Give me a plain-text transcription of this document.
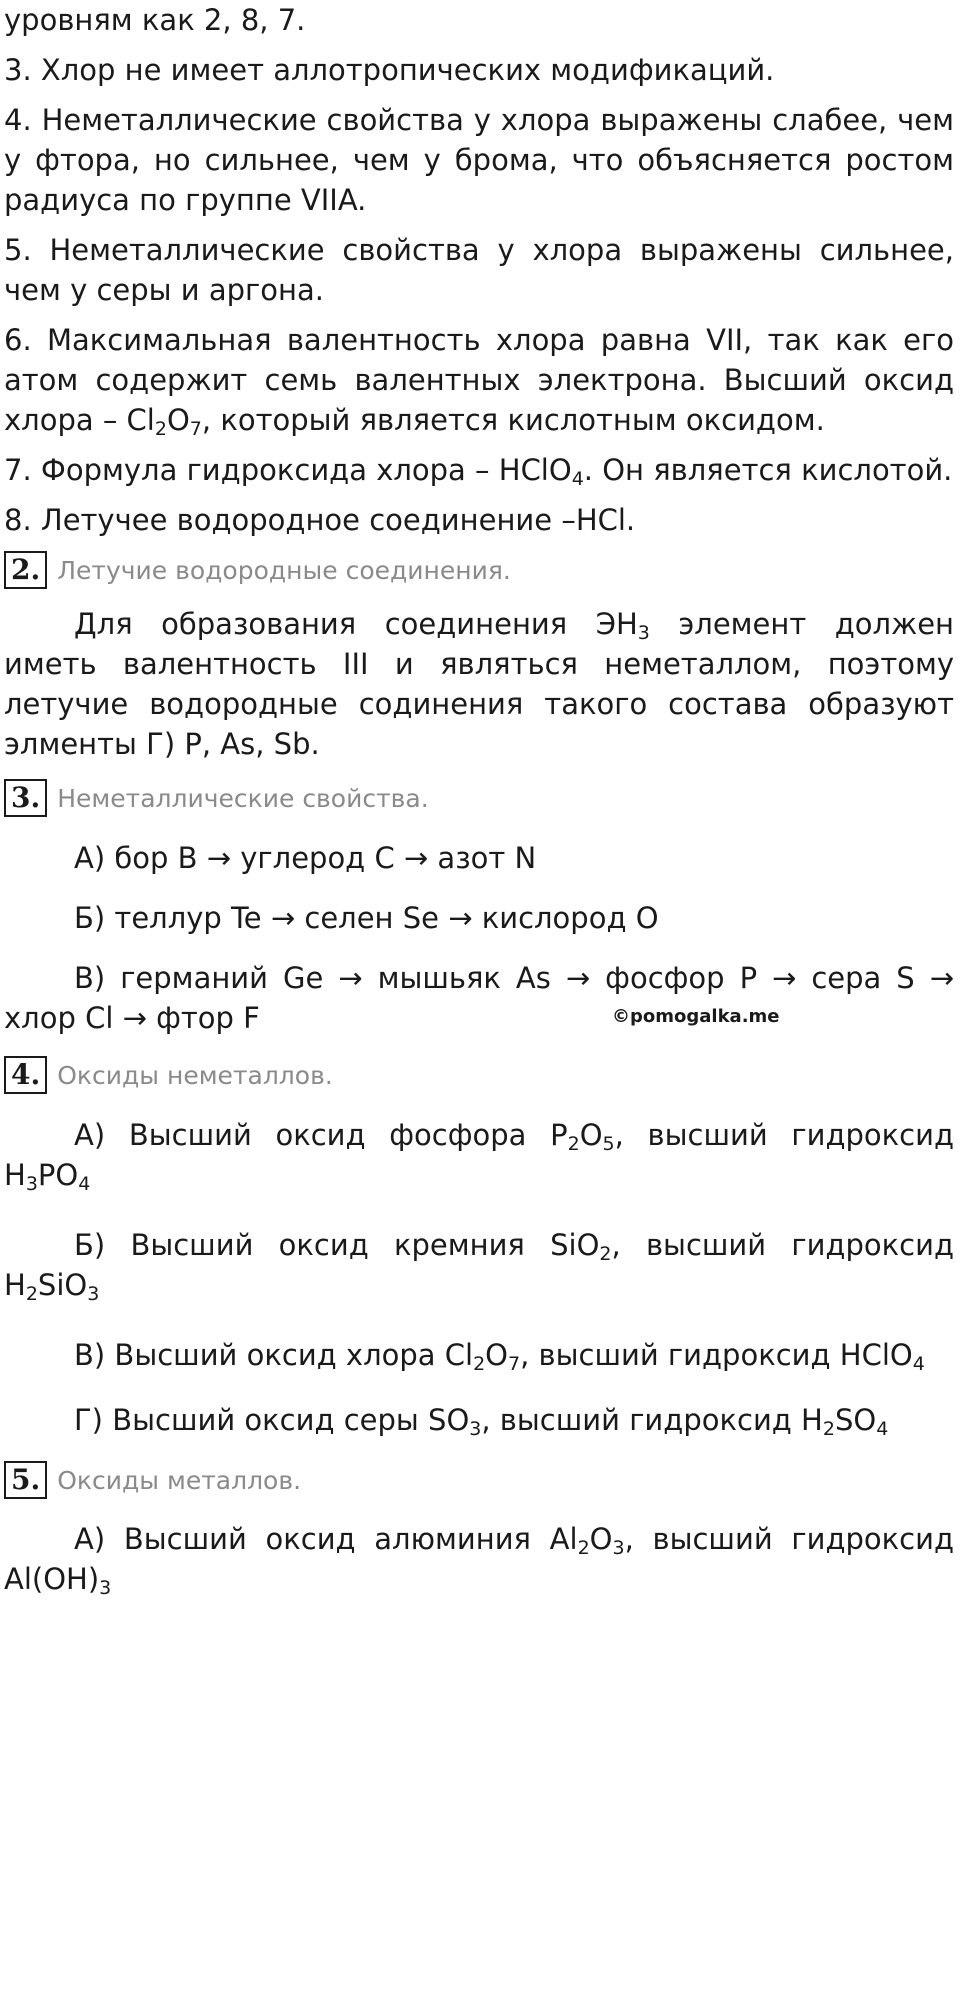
уровням как 2, 8, 7.
3. Хлор не имеет аллотропических модификаций.
4. Неметаллические свойства у хлора выражены слабее, чем
у фтора, но сильнее, чем у брома, что объясняется ростом
радиуса по группе VIIA.
5. Неметаллические свойства у хлора выражены сильнее,
чем у серы и аргона.
6. Максимальная валентность хлора равна VII, так как его
атом содержит семь валентных электрона. Высший оксид
хлора – $Cl_2O_7$, который является кислотным оксидом.
7. Формула гидроксида хлора – HClO$_4$. Он является кислотой.
8. Летучее водородное соединение –HCl.
2. Летучие водородные соединения.
Для образования соединения $ЭН_3$ элемент должен
иметь валентность III и являться неметаллом, поэтому
летучие водородные содинения такого состава образуют
элменты Г) P, As, Sb.
3. Неметаллические свойства.
А) бор B → углерод C → азот N
Б) теллур Te → селен Se → кислород O
В) германий Ge → мышьяк As → фосфор P → сера S →
хлор Cl → фтор F	©pomogalka.me
4. Оксиды неметаллов.
А) Высший оксид фосфора $P_2O_5$, высший гидроксид
$H_3PO_4$
Б) Высший оксид кремния SiO$_2$, высший гидроксид
$H_2SiO_3$
В) Высший оксид хлора $Cl_2O_7$, высший гидроксид HClO$_4$
Г) Высший оксид серы $SO_3$, высший гидроксид $H_2SO_4$
5. Оксиды металлов.
А) Высший оксид алюминия $Al_2O_3$, высший гидроксид
$Al(OH)_3$
